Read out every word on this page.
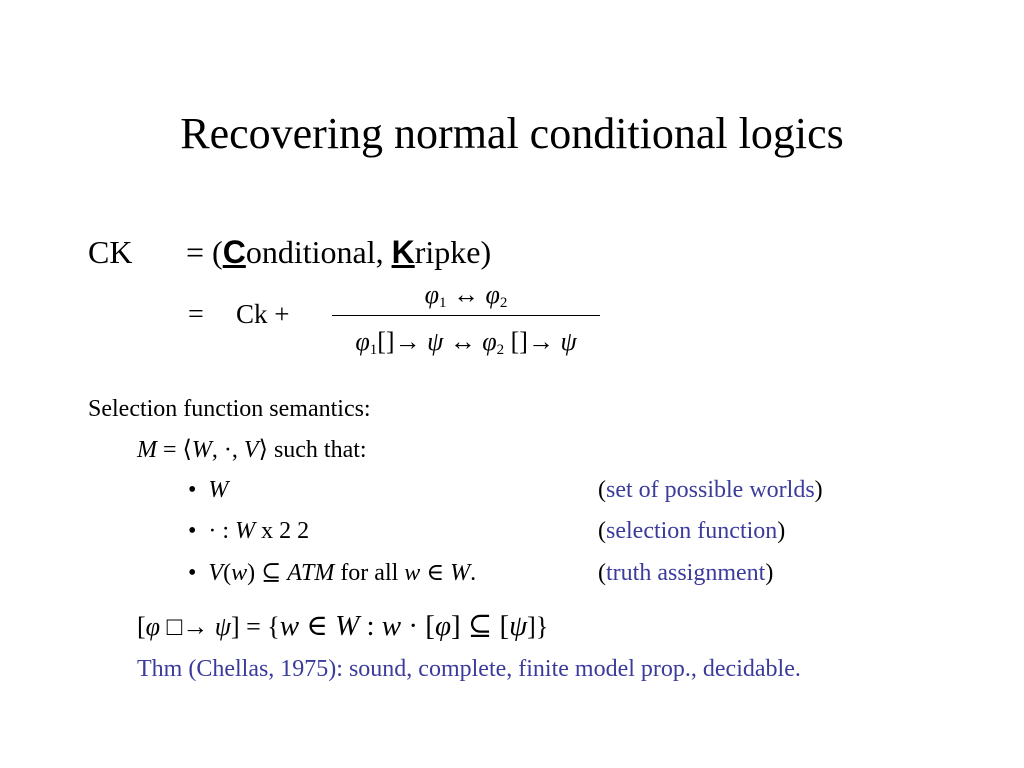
Recovering normal conditional logics
CK = (Conditional, Kripke)
= Ck +
$\varphi_1$ ↔ $\varphi_2$
$\varphi_1[]\to \psi$ ↔ $\varphi_2$ []→ ψ
Selection function semantics:
M = ⟨W, ·, V⟩ such that:
• W	(set of possible worlds)
• · : W x 2 2	(selection function)
• V(w) ⊆ ATM for all w ∈ W.	(truth assignment)
[φ □→ ψ] = {w ∈ W : w · [φ] ⊆ [ψ]}
Thm (Chellas, 1975): sound, complete, finite model prop., decidable.
